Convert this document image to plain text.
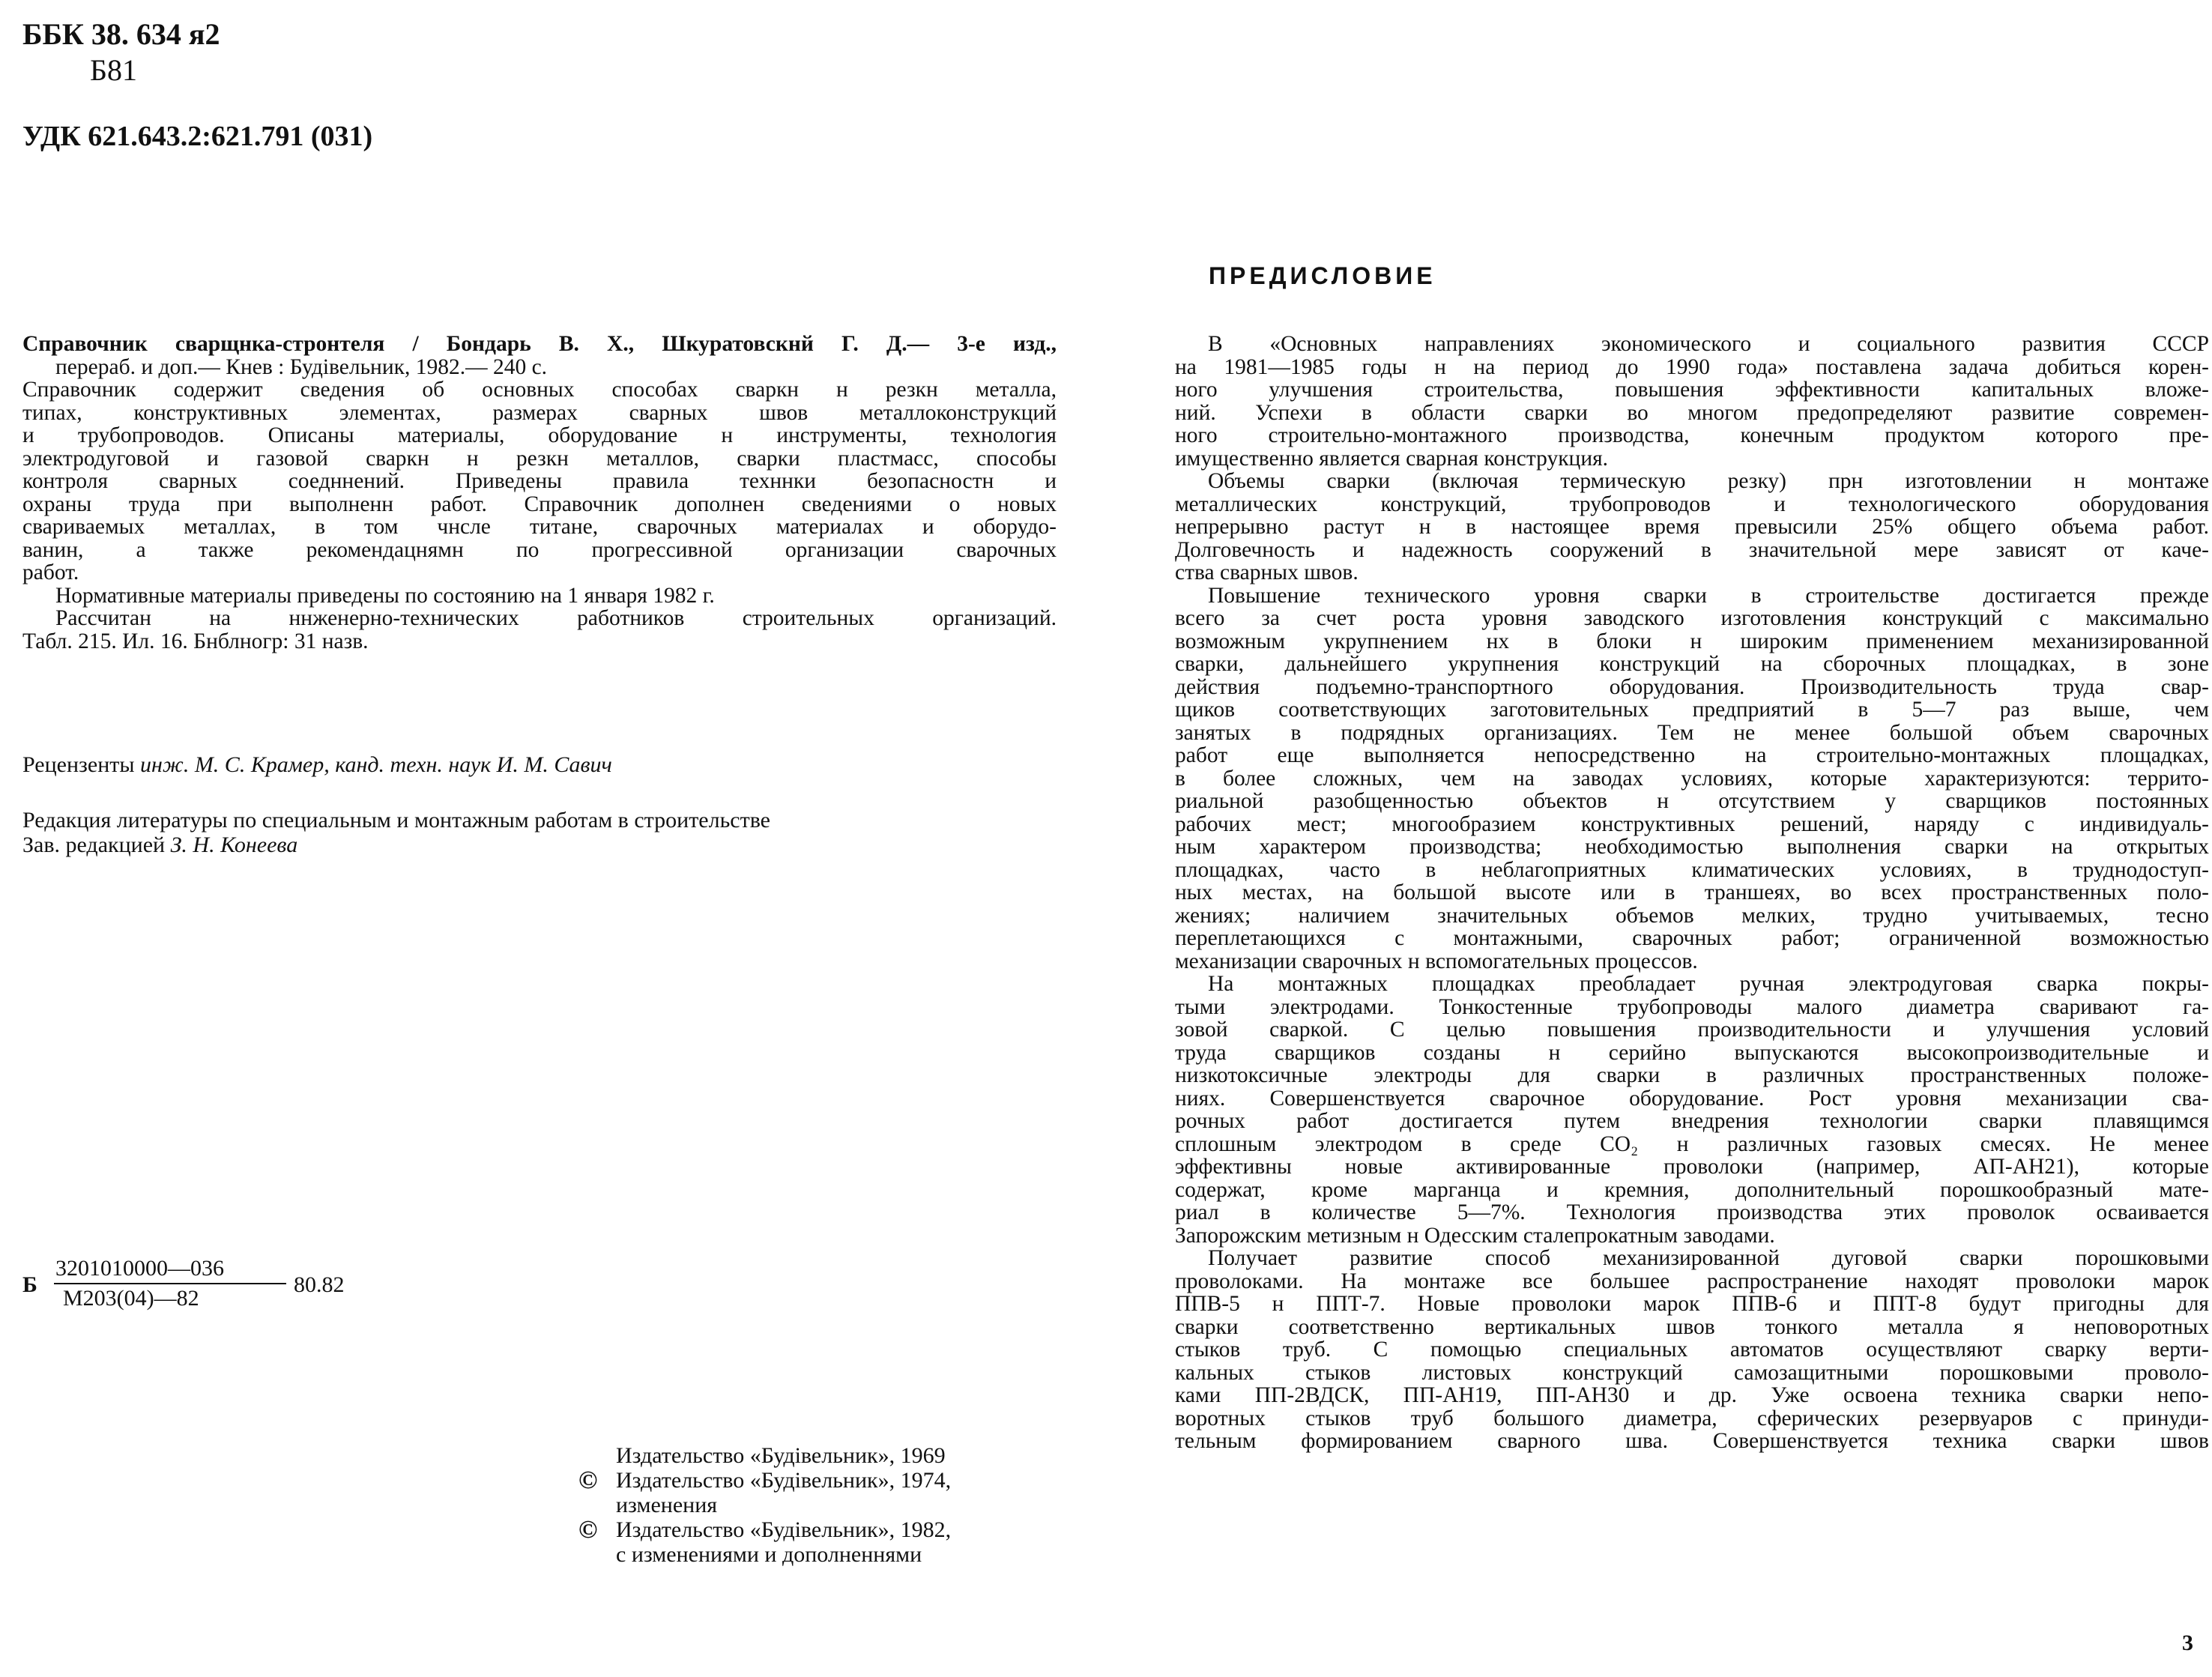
ББК 38. 634 я2
Б81
УДК 621.643.2:621.791 (031)
Справочник сварщнка-стронтеля / Бондарь В. Х., Шкуратовскнй Г. Д.— 3-е изд.,
перераб. и доп.— Кнев : Будівельник, 1982.— 240 с.
Справочник содержит сведения об основных способах сваркн н резкн металла,
типах, конструктивных элементах, размерах сварных швов металлоконструкций
и трубопроводов. Описаны материалы, оборудование н инструменты, технология
электродуговой и газовой сваркн н резкн металлов, сварки пластмасс, способы
контроля сварных соедннений. Приведены правила техннки безопасностн и
охраны труда при выполненн работ. Справочник дополнен сведениями о новых
свариваемых металлах, в том чнсле титане, сварочных материалах и оборудо-
ванин, а также рекомендацнямн по прогрессивной организации сварочных
работ.
Нормативные материалы приведены по состоянию на 1 января 1982 г.
Рассчитан на ннженерно-технических работников строительных организаций.
Табл. 215. Ил. 16. Бнблногр: 31 назв.
Рецензенты инж. М. С. Крамер, канд. техн. наук И. М. Савич
Редакция литературы по специальным и монтажным работам в строительстве
Зав. редакцией З. Н. Конеева
Б
3201010000—036
М203(04)—82
80.82
Издательство «Будівельник», 1969
© Издательство «Будівельник», 1974,
изменения
© Издательство «Будівельник», 1982,
с изменениями и дополненнями
ПРЕДИСЛОВИЕ
В «Основных направлениях экономического и социального развития СССР
на 1981—1985 годы н на период до 1990 года» поставлена задача добиться корен-
ного улучшения строительства, повышения эффективности капитальных вложе-
ний. Успехи в области сварки во многом предопределяют развитие современ-
ного строительно-монтажного производства, конечным продуктом которого пре-
имущественно является сварная конструкция.
Объемы сварки (включая термическую резку) прн изготовлении н монтаже
металлических конструкций, трубопроводов и технологического оборудования
непрерывно растут н в настоящее время превысили 25% общего объема работ.
Долговечность и надежность сооружений в значительной мере зависят от каче-
ства сварных швов.
Повышение технического уровня сварки в строительстве достигается прежде
всего за счет роста уровня заводского изготовления конструкций с максимально
возможным укрупнением нх в блоки н широким применением механизированной
сварки, дальнейшего укрупнения конструкций на сборочных площадках, в зоне
действия подъемно-транспортного оборудования. Производительность труда свар-
щиков соответствующих заготовительных предприятий в 5—7 раз выше, чем
занятых в подрядных организациях. Тем не менее большой объем сварочных
работ еще выполняется непосредственно на строительно-монтажных площадках,
в более сложных, чем на заводах условиях, которые характеризуются: террито-
риальной разобщенностью объектов н отсутствием у сварщиков постоянных
рабочих мест; многообразием конструктивных решений, наряду с индивидуаль-
ным характером производства; необходимостью выполнения сварки на открытых
площадках, часто в неблагоприятных климатических условиях, в труднодоступ-
ных местах, на большой высоте или в траншеях, во всех пространственных поло-
жениях; наличием значительных объемов мелких, трудно учитываемых, тесно
переплетающихся с монтажными, сварочных работ; ограниченной возможностью
механизации сварочных н вспомогательных процессов.
На монтажных площадках преобладает ручная электродуговая сварка покры-
тыми электродами. Тонкостенные трубопроводы малого диаметра сваривают га-
зовой сваркой. С целью повышения производительности и улучшения условий
труда сварщиков созданы н серийно выпускаются высокопроизводительные и
низкотоксичные электроды для сварки в различных пространственных положе-
ниях. Совершенствуется сварочное оборудование. Рост уровня механизации сва-
рочных работ достигается путем внедрения технологии сварки плавящимся
сплошным электродом в среде CO₂ н различных газовых смесях. Не менее
эффективны новые активированные проволоки (например, АП-АН21), которые
содержат, кроме марганца и кремния, дополнительный порошкообразный мате-
риал в количестве 5—7%. Технология производства этих проволок осваивается
Запорожским метизным н Одесским сталепрокатным заводами.
Получает развитие способ механизированной дуговой сварки порошковыми
проволоками. На монтаже все большее распространение находят проволоки марок
ППВ-5 н ППТ-7. Новые проволоки марок ППВ-6 и ППТ-8 будут пригодны для
сварки соответственно вертикальных швов тонкого металла я неповоротных
стыков труб. С помощью специальных автоматов осуществляют сварку верти-
кальных стыков листовых конструкций самозащитными порошковыми проволо-
ками ПП-2ВДСК, ПП-АН19, ПП-АН30 и др. Уже освоена техника сварки непо-
воротных стыков труб большого диаметра, сферических резервуаров с принуди-
тельным формированием сварного шва. Совершенствуется техника сварки швов
3
